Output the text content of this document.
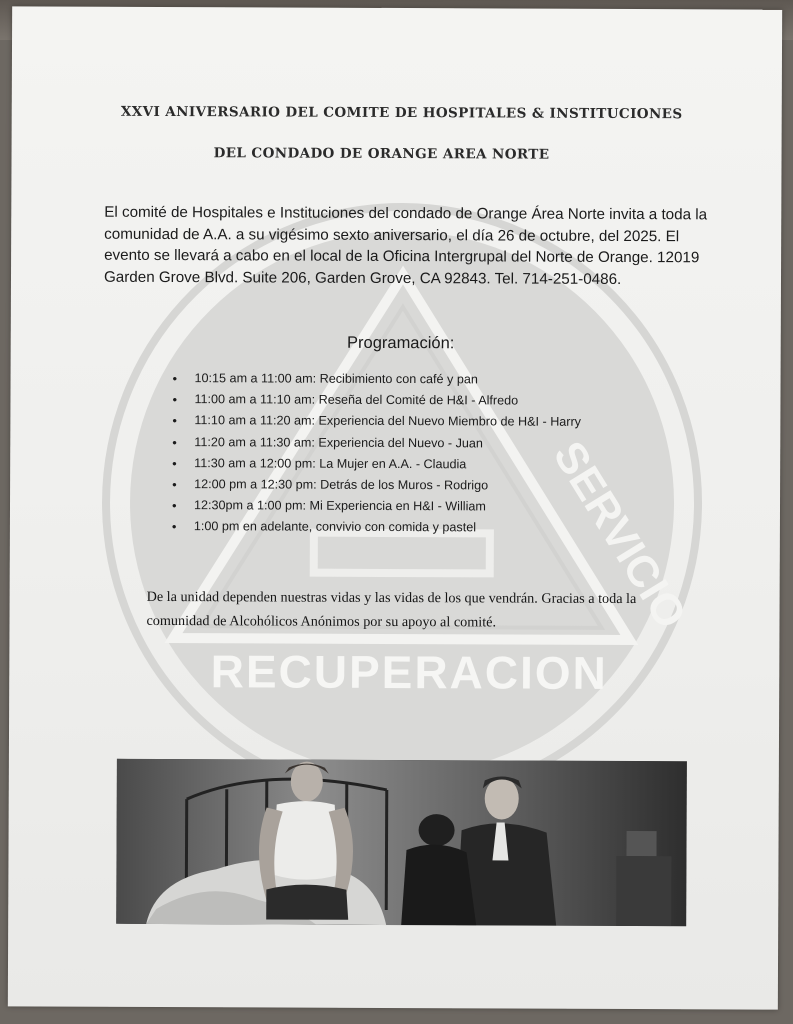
SERVICIO
RECUPERACION
XXVI ANIVERSARIO DEL COMITE DE HOSPITALES & INSTITUCIONES
DEL CONDADO DE ORANGE AREA NORTE
El comité de Hospitales e Instituciones del condado de Orange Área Norte invita a toda la comunidad de A.A. a su vigésimo sexto aniversario, el día 26 de octubre, del 2025. El evento se llevará a cabo en el local de la Oficina Intergrupal del Norte de Orange. 12019 Garden Grove Blvd. Suite 206, Garden Grove, CA 92843. Tel. 714-251-0486.
Programación:
• 10:15 am a 11:00 am: Recibimiento con café y pan
• 11:00 am a 11:10 am: Reseña del Comité de H&I - Alfredo
• 11:10 am a 11:20 am: Experiencia del Nuevo Miembro de H&I - Harry
• 11:20 am a 11:30 am: Experiencia del Nuevo - Juan
• 11:30 am a 12:00 pm: La Mujer en A.A. - Claudia
• 12:00 pm a 12:30 pm: Detrás de los Muros - Rodrigo
• 12:30pm a 1:00 pm: Mi Experiencia en H&I - William
• 1:00 pm en adelante, convivio con comida y pastel
De la unidad dependen nuestras vidas y las vidas de los que vendrán. Gracias a toda la comunidad de Alcohólicos Anónimos por su apoyo al comité.
